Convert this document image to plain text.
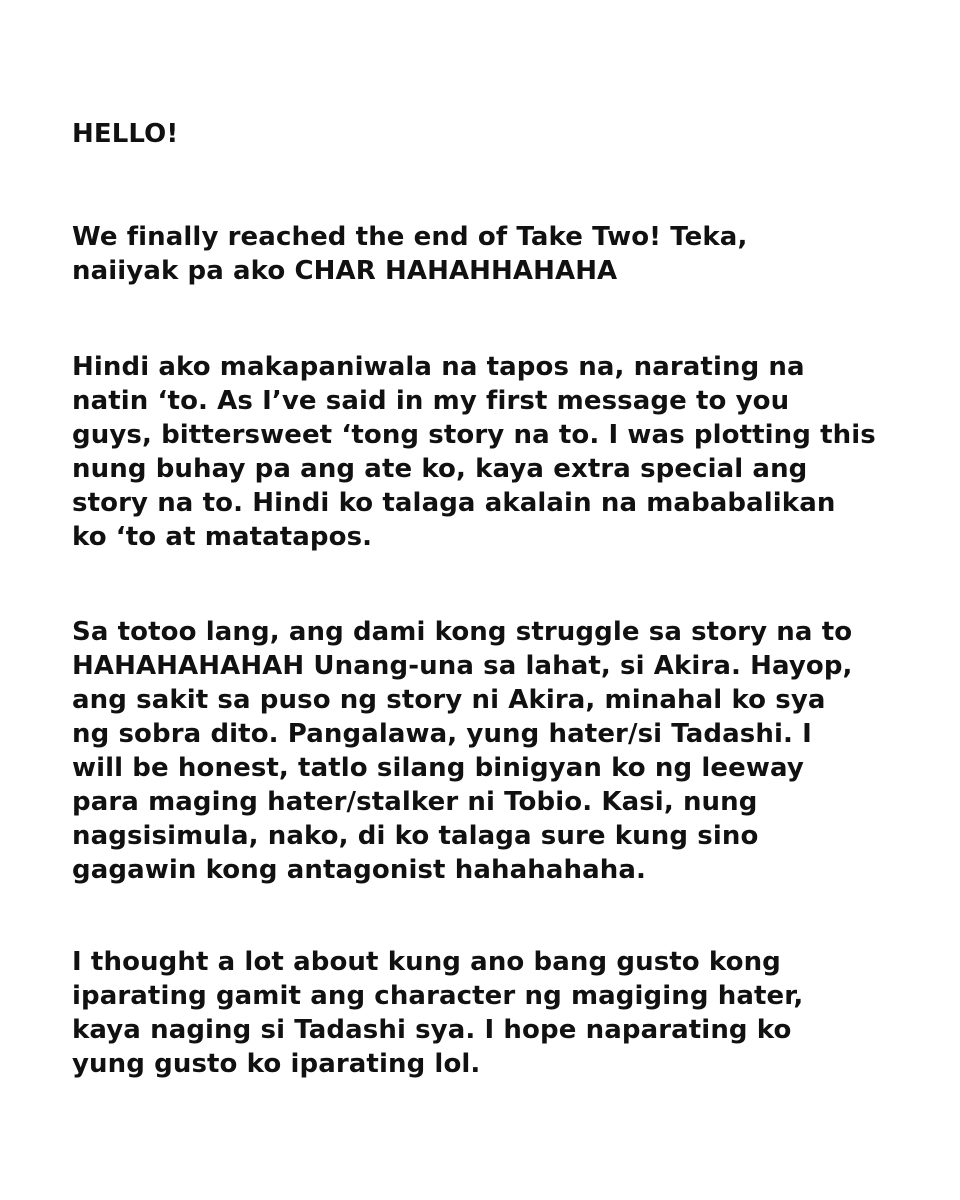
HELLO!

We finally reached the end of Take Two! Teka,
naiiyak pa ako CHAR HAHAHHAHAHA

Hindi ako makapaniwala na tapos na, narating na
natin ‘to. As I’ve said in my first message to you
guys, bittersweet ‘tong story na to. I was plotting this
nung buhay pa ang ate ko, kaya extra special ang
story na to. Hindi ko talaga akalain na mababalikan
ko ‘to at matatapos.

Sa totoo lang, ang dami kong struggle sa story na to
HAHAHAHAHAH Unang-una sa lahat, si Akira. Hayop,
ang sakit sa puso ng story ni Akira, minahal ko sya
ng sobra dito. Pangalawa, yung hater/si Tadashi. I
will be honest, tatlo silang binigyan ko ng leeway
para maging hater/stalker ni Tobio. Kasi, nung
nagsisimula, nako, di ko talaga sure kung sino
gagawin kong antagonist hahahahaha.

I thought a lot about kung ano bang gusto kong
iparating gamit ang character ng magiging hater,
kaya naging si Tadashi sya. I hope naparating ko
yung gusto ko iparating lol.
